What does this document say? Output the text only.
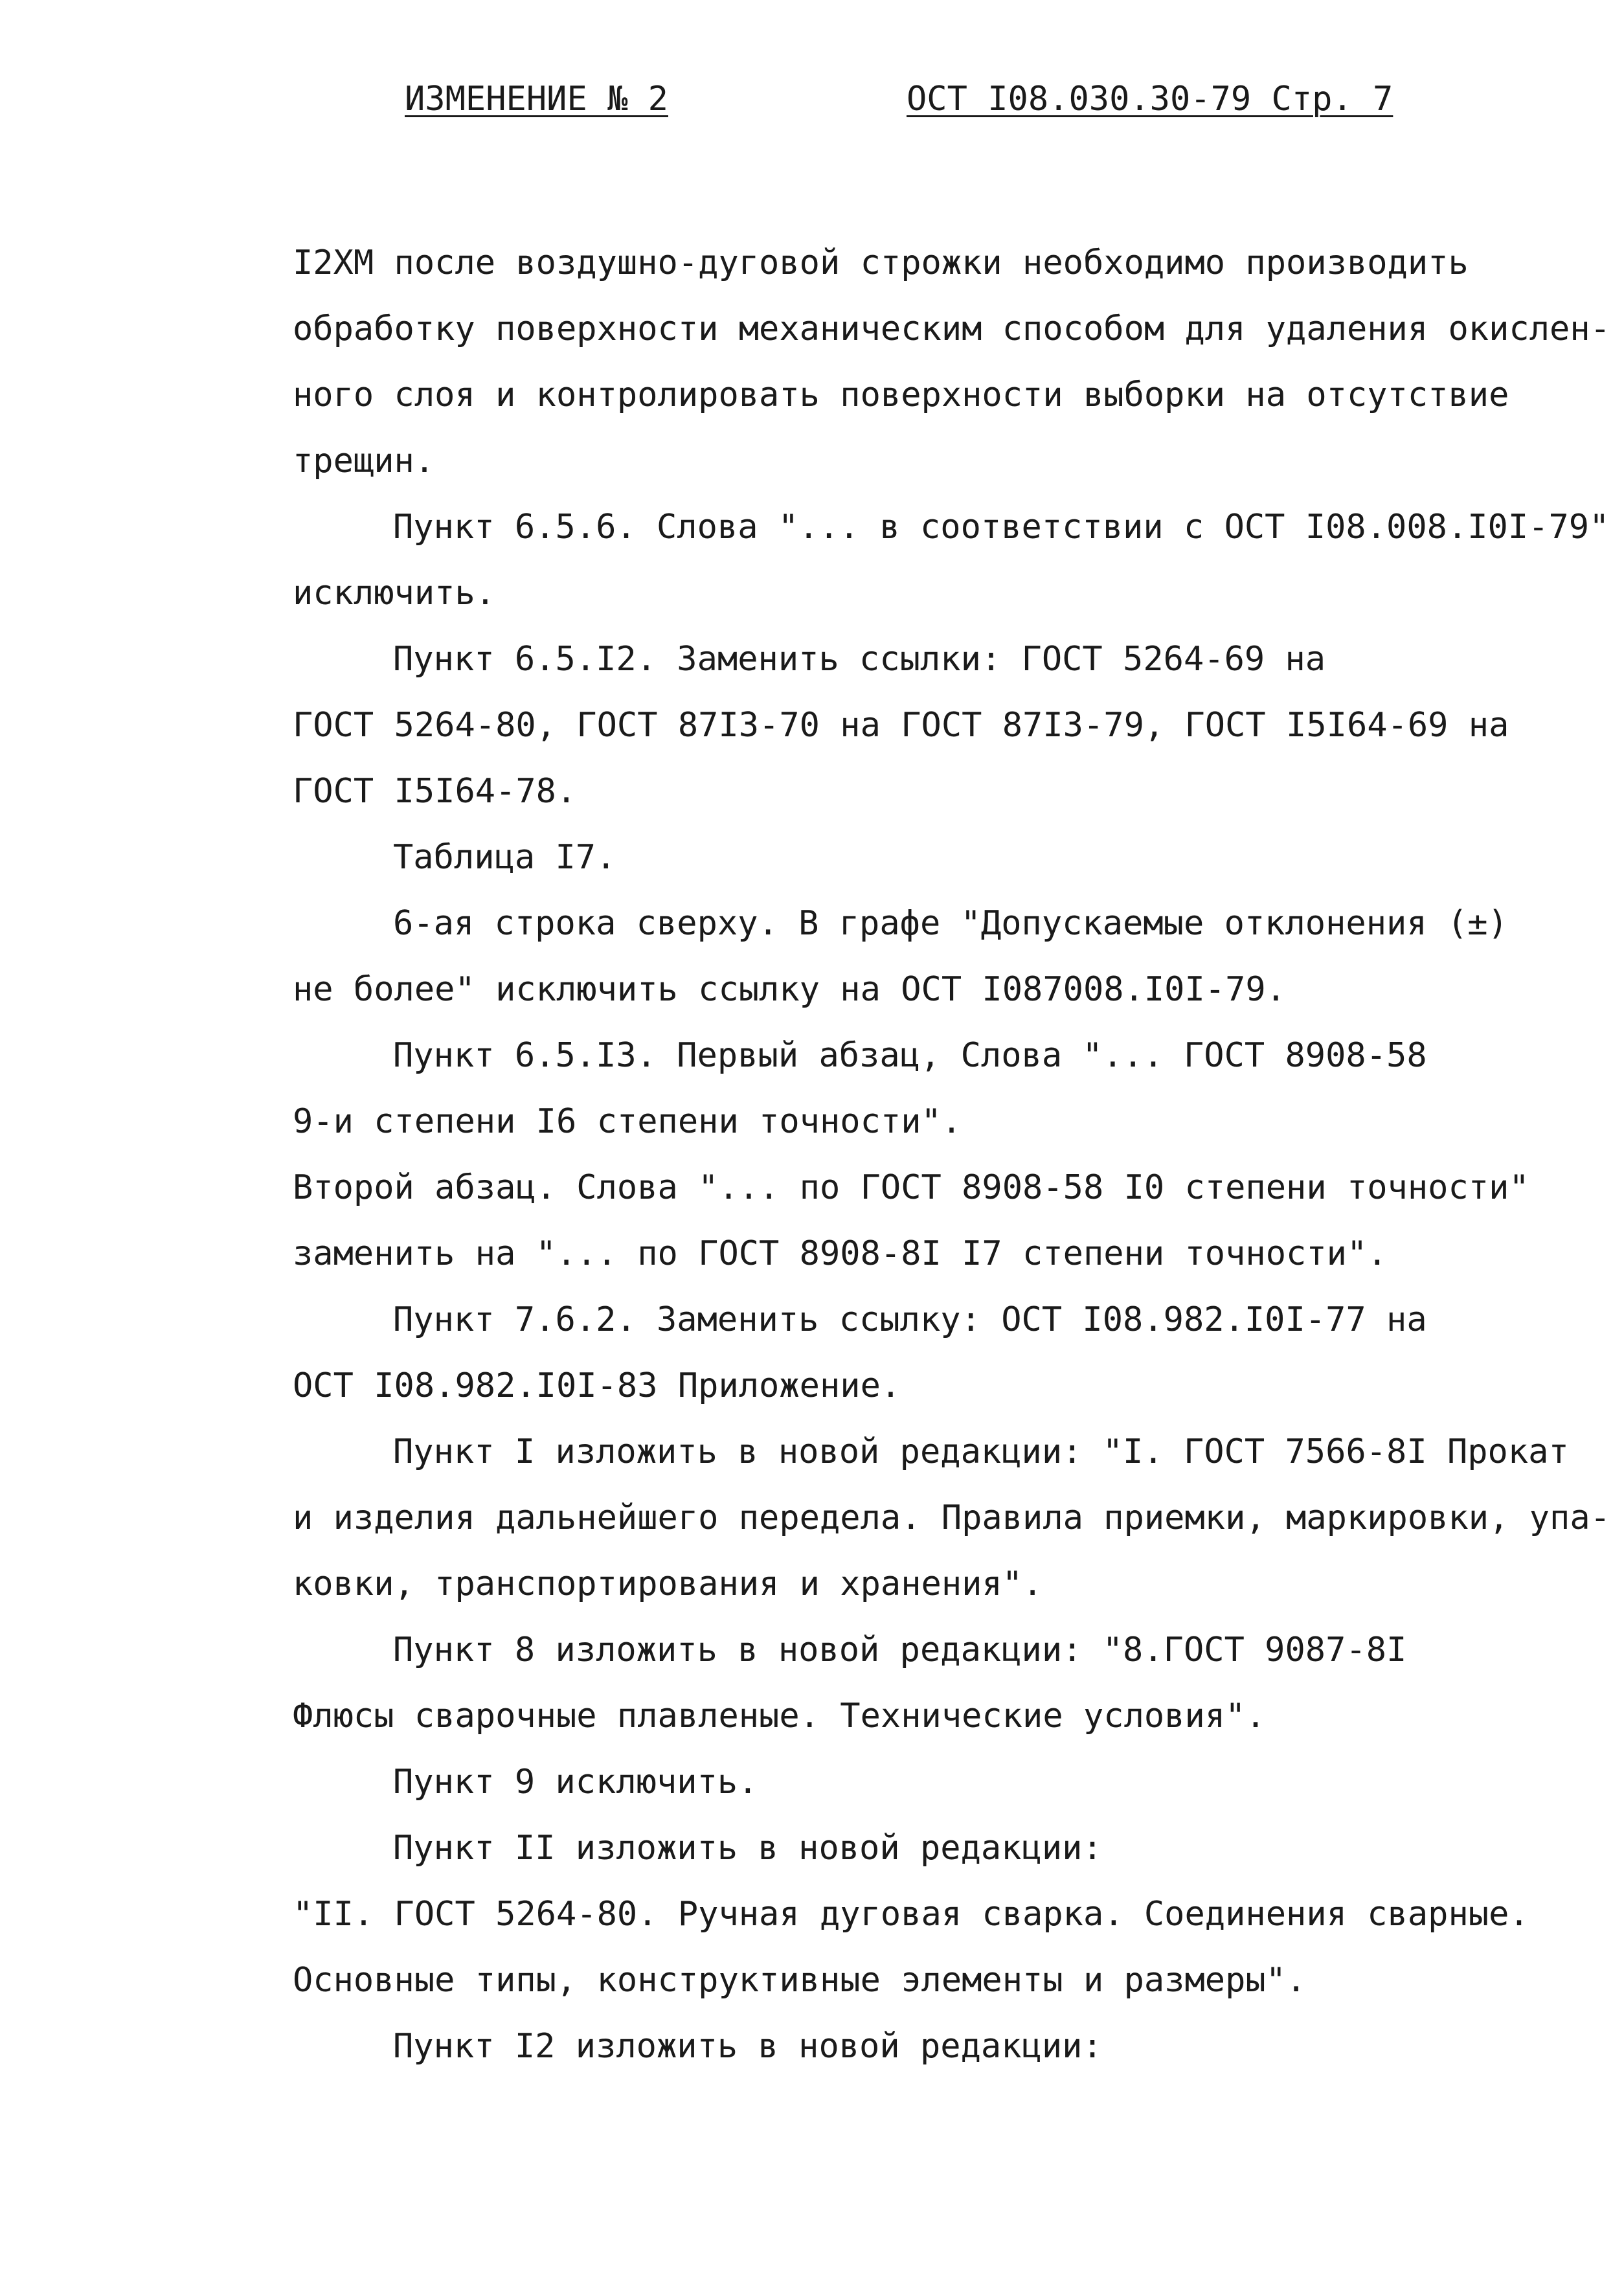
ИЗМЕНЕНИЕ № 2	ОСТ I08.030.30-79 Стр. 7
I2ХМ после воздушно-дуговой строжки необходимо производить
обработку поверхности механическим способом для удаления окислен-
ного слоя и контролировать поверхности выборки на отсутствие
трещин.
Пункт 6.5.6. Слова "... в соответствии с ОСТ I08.008.I0I-79"
исключить.
Пункт 6.5.I2. Заменить ссылки: ГОСТ 5264-69 на
ГОСТ 5264-80, ГОСТ 87I3-70 на ГОСТ 87I3-79, ГОСТ I5I64-69 на
ГОСТ I5I64-78.
Таблица I7.
6-ая строка сверху. В графе "Допускаемые отклонения (±)
не более" исключить ссылку на ОСТ I087008.I0I-79.
Пункт 6.5.I3. Первый абзац, Слова "... ГОСТ 8908-58
9-и степени I6 степени точности".
Второй абзац. Слова "... по ГОСТ 8908-58 I0 степени точности"
заменить на "... по ГОСТ 8908-8I I7 степени точности".
Пункт 7.6.2. Заменить ссылку: ОСТ I08.982.I0I-77 на
ОСТ I08.982.I0I-83 Приложение.
Пункт I изложить в новой редакции: "I. ГОСТ 7566-8I Прокат
и изделия дальнейшего передела. Правила приемки, маркировки, упа-
ковки, транспортирования и хранения".
Пункт 8 изложить в новой редакции: "8.ГОСТ 9087-8I
Флюсы сварочные плавленые. Технические условия".
Пункт 9 исключить.
Пункт II изложить в новой редакции:
"II. ГОСТ 5264-80. Ручная дуговая сварка. Соединения сварные.
Основные типы, конструктивные элементы и размеры".
Пункт I2 изложить в новой редакции:
